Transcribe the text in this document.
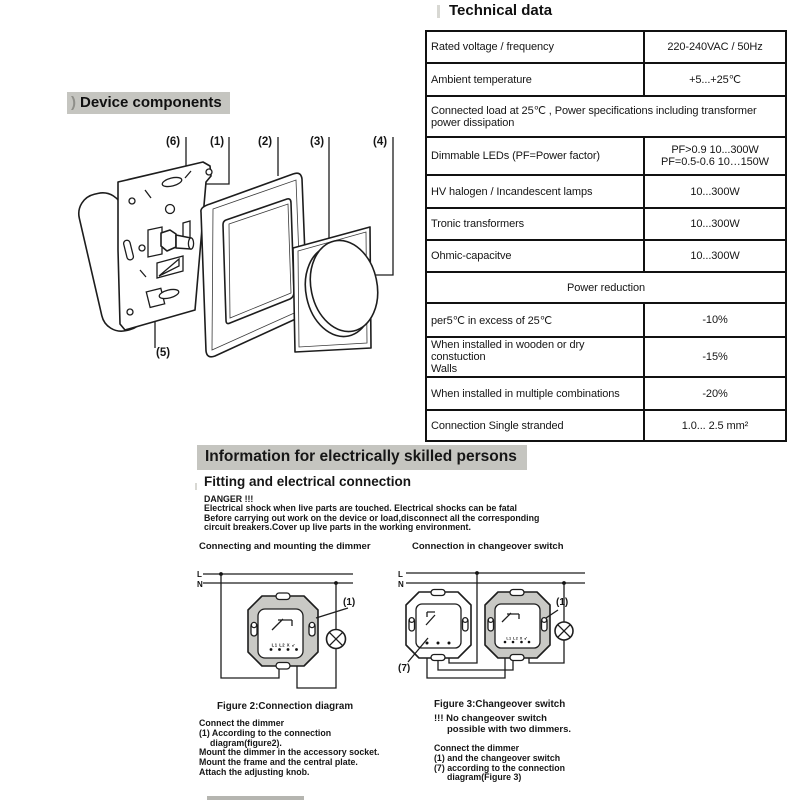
Technical data
Rated voltage / frequency	220-240VAC / 50Hz
Ambient temperature	+5...+25℃
Connected load at 25℃ , Power specifications including transformer power dissipation	
Dimmable LEDs (PF=Power factor)	PF>0.9 10...300W
PF=0.5-0.6 10…150W

HV halogen / Incandescent lamps	10...300W
Tronic transformers	10...300W
Ohmic-capacitve	10...300W
Power reduction	
per5℃ in excess of 25℃	-10%

When installed in wooden or dry constuction
Walls	-15%
When installed in multiple combinations	-20%
Connection Single stranded	1.0... 2.5 mm²
) Device components
(6)	(1)	(2)	(3)	(4)
(5)
Information for electrically skilled persons
Fitting and electrical connection
DANGER !!!
Electrical shock when live parts are touched. Electrical shocks can be fatal
Before carrying out work on the device or load,disconnect all the corresponding
circuit breakers.Cover up live parts in the working environment.
Connecting and mounting the dimmer	Connection in changeover switch
L1 L2 X ↙
L
N
(1)
L1 L2 X ↙
L
N
(1)
(7)
Figure 2:Connection diagram	Figure 3:Changeover switch
!!! No changeover switch
possible with two dimmers.
Connect the dimmer
(1) According to the connection
diagram(figure2).
Mount the dimmer in the accessory socket.
Mount the frame and the central plate.
Attach the adjusting knob.
Connect the dimmer
(1) and the changeover switch
(7) according to the connection
diagram(Figure 3)
